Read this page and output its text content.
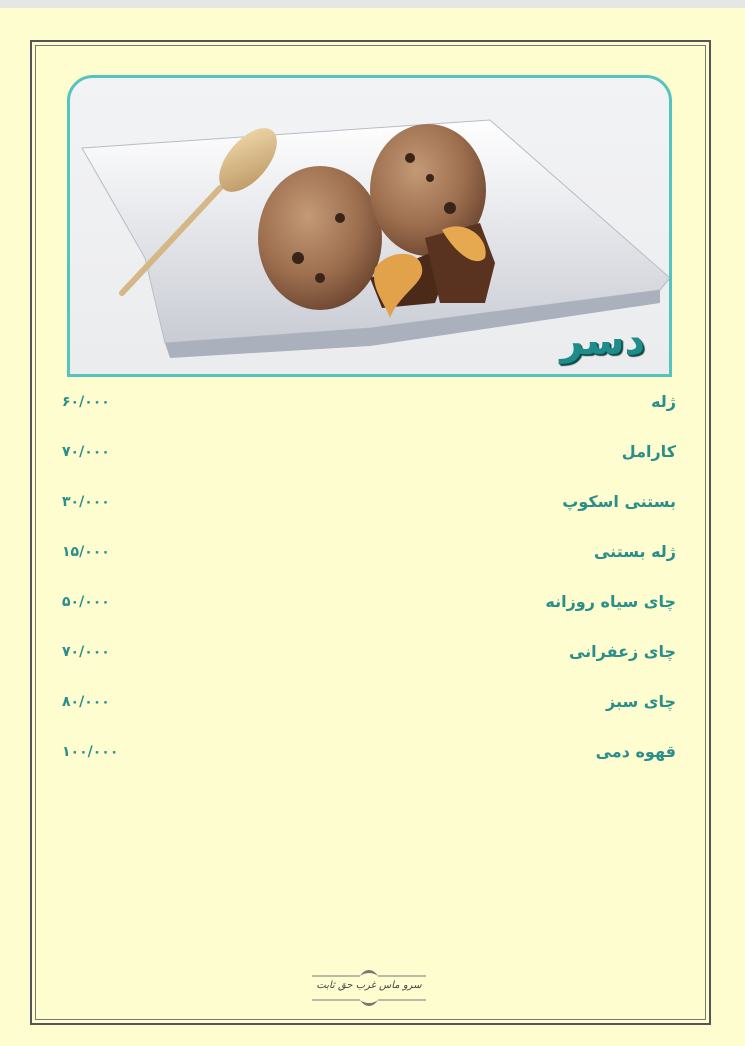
دسر
ژله
۶۰/۰۰۰
کارامل
۷۰/۰۰۰
بستنی اسکوپ
۳۰/۰۰۰
ژله بستنی
۱۵/۰۰۰
چای سیاه روزانه
۵۰/۰۰۰
چای زعفرانی
۷۰/۰۰۰
چای سبز
۸۰/۰۰۰
قهوه دمی
۱۰۰/۰۰۰
سرو ماس غرب حق ثابت
